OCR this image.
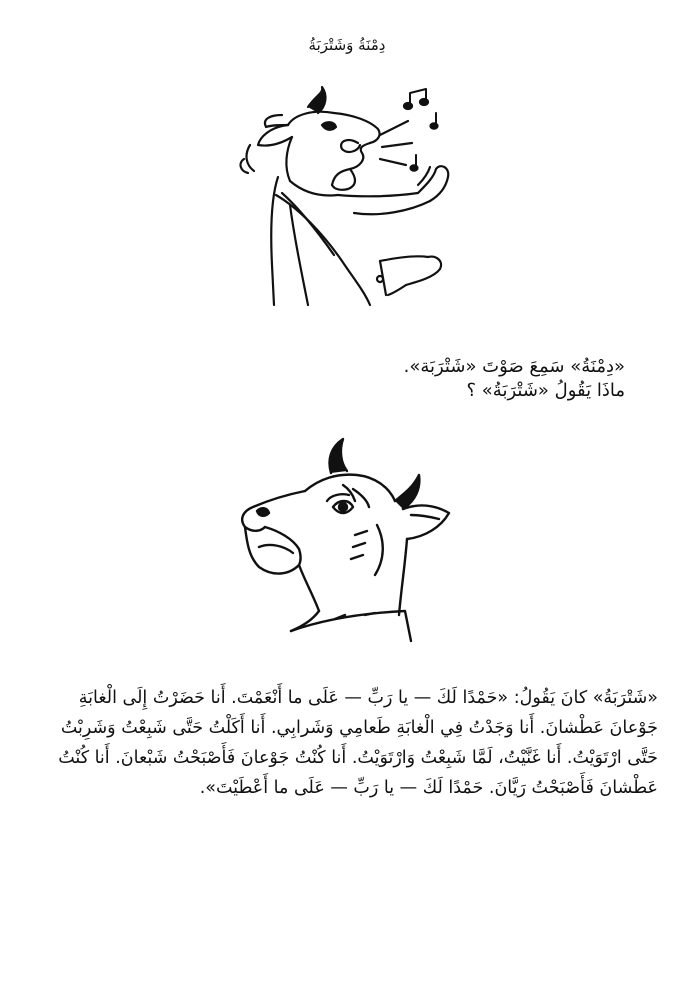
دِمْنَةُ وَشَتْرَبَةُ
«دِمْنَةُ» سَمِعَ صَوْتَ «شَتْرَبَة».
ماذَا يَقُولُ «شَتْرَبَةُ» ؟
«شَتْرَبَةُ» كانَ يَقُولُ: «حَمْدًا لَكَ — يا رَبِّ — عَلَى ما أَنْعَمْتَ. أَنا حَضَرْتُ إِلَى الْغابَةِ
جَوْعانَ عَطْشانَ. أَنا وَجَدْتُ فِي الْغابَةِ طَعامِي وَشَرابِي. أَنا أَكَلْتُ حَتَّى شَبِعْتُ وَشَرِبْتُ
حَتَّى ارْتَوَيْتُ. أَنا غَنَّيْتُ، لَمَّا شَبِعْتُ وَارْتَوَيْتُ. أَنا كُنْتُ جَوْعانَ فَأَصْبَحْتُ شَبْعانَ. أَنا كُنْتُ
عَطْشانَ فَأَصْبَحْتُ رَيَّانَ. حَمْدًا لَكَ — يا رَبِّ — عَلَى ما أَعْطَيْتَ».
